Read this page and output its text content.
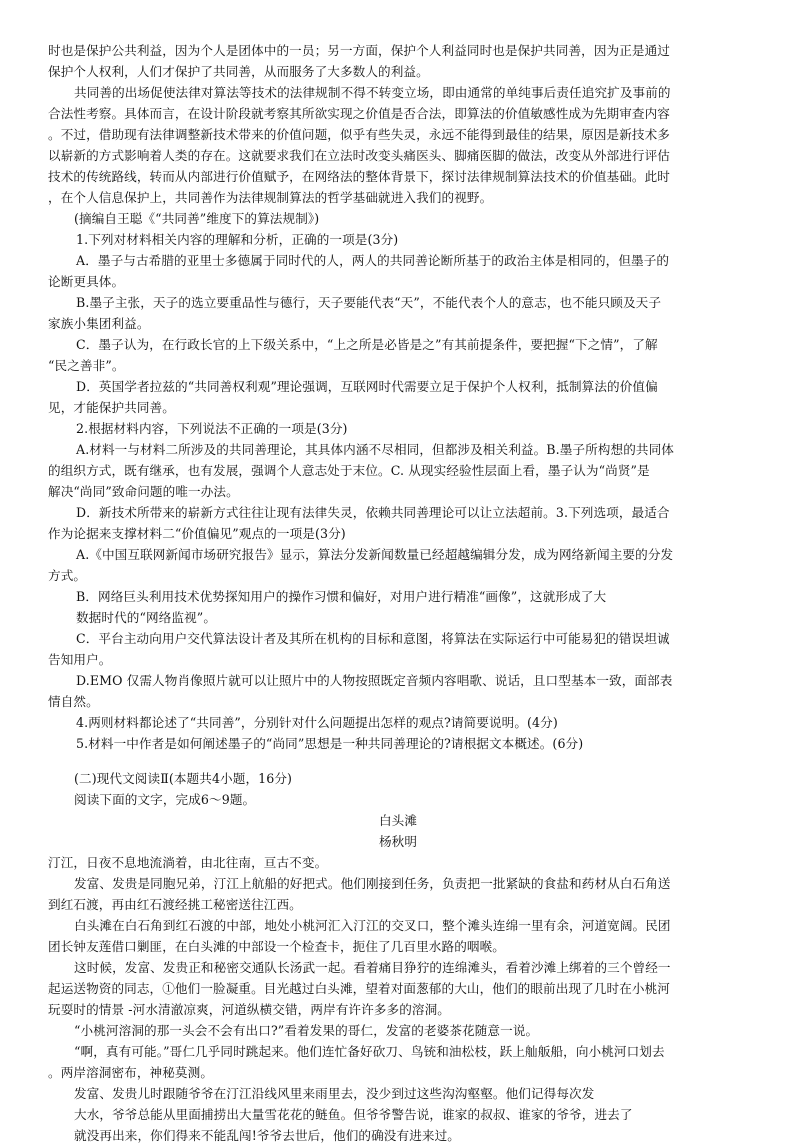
时也是保护公共利益，因为个人是团体中的一员；另一方面，保护个人利益同时也是保护共同善，因为正是通过
保护个人权利，人们才保护了共同善，从而服务了大多数人的利益。
共同善的出场促使法律对算法等技术的法律规制不得不转变立场，即由通常的单纯事后责任追究扩及事前的
合法性考察。具体而言，在设计阶段就考察其所欲实现之价值是否合法，即算法的价值敏感性成为先期审查内容
。不过，借助现有法律调整新技术带来的价值问题，似乎有些失灵，永远不能得到最佳的结果，原因是新技术多
以崭新的方式影响着人类的存在。这就要求我们在立法时改变头痛医头、脚痛医脚的做法，改变从外部进行评估
技术的传统路线，转而从内部进行价值赋予，在网络法的整体背景下，探讨法律规制算法技术的价值基础。此时
，在个人信息保护上，共同善作为法律规制算法的哲学基础就进入我们的视野。
(摘编自王聪《“共同善”维度下的算法规制》)
1.下列对材料相关内容的理解和分析，正确的一项是(3分)
A．墨子与古希腊的亚里士多德属于同时代的人，两人的共同善论断所基于的政治主体是相同的，但墨子的
论断更具体。
B.墨子主张，天子的选立要重品性与德行，天子要能代表“天”，不能代表个人的意志，也不能只顾及天子
家族小集团利益。
C．墨子认为，在行政长官的上下级关系中，“上之所是必皆是之”有其前提条件，要把握“下之情”，了解
“民之善非”。
D．英国学者拉兹的“共同善权利观”理论强调，互联网时代需要立足于保护个人权利，抵制算法的价值偏
见，才能保护共同善。
2.根据材料内容，下列说法不正确的一项是(3分)
A.材料一与材料二所涉及的共同善理论，其具体内涵不尽相同，但都涉及相关利益。B.墨子所构想的共同体
的组织方式，既有继承，也有发展，强调个人意志处于末位。C. 从现实经验性层面上看，墨子认为“尚贤”是
解决“尚同”致命问题的唯一办法。
D．新技术所带来的崭新方式往往让现有法律失灵，依赖共同善理论可以让立法超前。3.下列选项，最适合
作为论据来支撑材料二“价值偏见”观点的一项是(3分)
A.《中国互联网新闻市场研究报告》显示，算法分发新闻数量已经超越编辑分发，成为网络新闻主要的分发
方式。
B．网络巨头利用技术优势探知用户的操作习惯和偏好，对用户进行精准“画像”，这就形成了大
数据时代的“网络监视”。
C．平台主动向用户交代算法设计者及其所在机构的目标和意图，将算法在实际运行中可能易犯的错误坦诚
告知用户。
D.EMO 仅需人物肖像照片就可以让照片中的人物按照既定音频内容唱歌、说话，且口型基本一致，面部表
情自然。
4.两则材料都论述了“共同善”，分别针对什么问题提出怎样的观点?请简要说明。(4分)
5.材料一中作者是如何阐述墨子的“尚同”思想是一种共同善理论的?请根据文本概述。(6分)
(二)现代文阅读Ⅱ(本题共4小题，16分)
阅读下面的文字，完成6～9题。
白头滩
杨秋明
汀江，日夜不息地流淌着，由北往南，亘古不变。
发富、发贵是同胞兄弟，汀江上航船的好把式。他们刚接到任务，负责把一批紧缺的食盐和药材从白石角送
到红石渡，再由红石渡经挑工秘密送往江西。
白头滩在白石角到红石渡的中部，地处小桃河汇入汀江的交叉口，整个滩头连绵一里有余，河道宽阔。民团
团长钟友莲借口剿匪，在白头滩的中部设一个检查卡，扼住了几百里水路的咽喉。
这时候，发富、发贵正和秘密交通队长汤武一起。看着痛目狰狞的连绵滩头，看着沙滩上绑着的三个曾经一
起运送物资的同志，①他们一脸凝重。目光越过白头滩，望着对面葱郁的大山，他们的眼前出现了几时在小桃河
玩耍时的情景 -河水清澈凉爽，河道纵横交错，两岸有许许多多的溶洞。
“小桃河溶洞的那一头会不会有出口?”看着发果的哥仁，发富的老婆茶花随意一说。
“啊，真有可能。”哥仁几乎同时跳起来。他们连忙备好砍刀、鸟铳和油松枝，跃上舢舨船，向小桃河口划去
。两岸溶洞密布，神秘莫测。
发富、发贵儿时跟随爷爷在汀江沿线风里来雨里去，没少到过这些沟沟壑壑。他们记得每次发
大水，爷爷总能从里面捕捞出大量雪花花的鲢鱼。但爷爷警告说，谁家的叔叔、谁家的爷爷，进去了
就没再出来，你们得来不能乱闯!爷爷去世后，他们的确没有进来过。
